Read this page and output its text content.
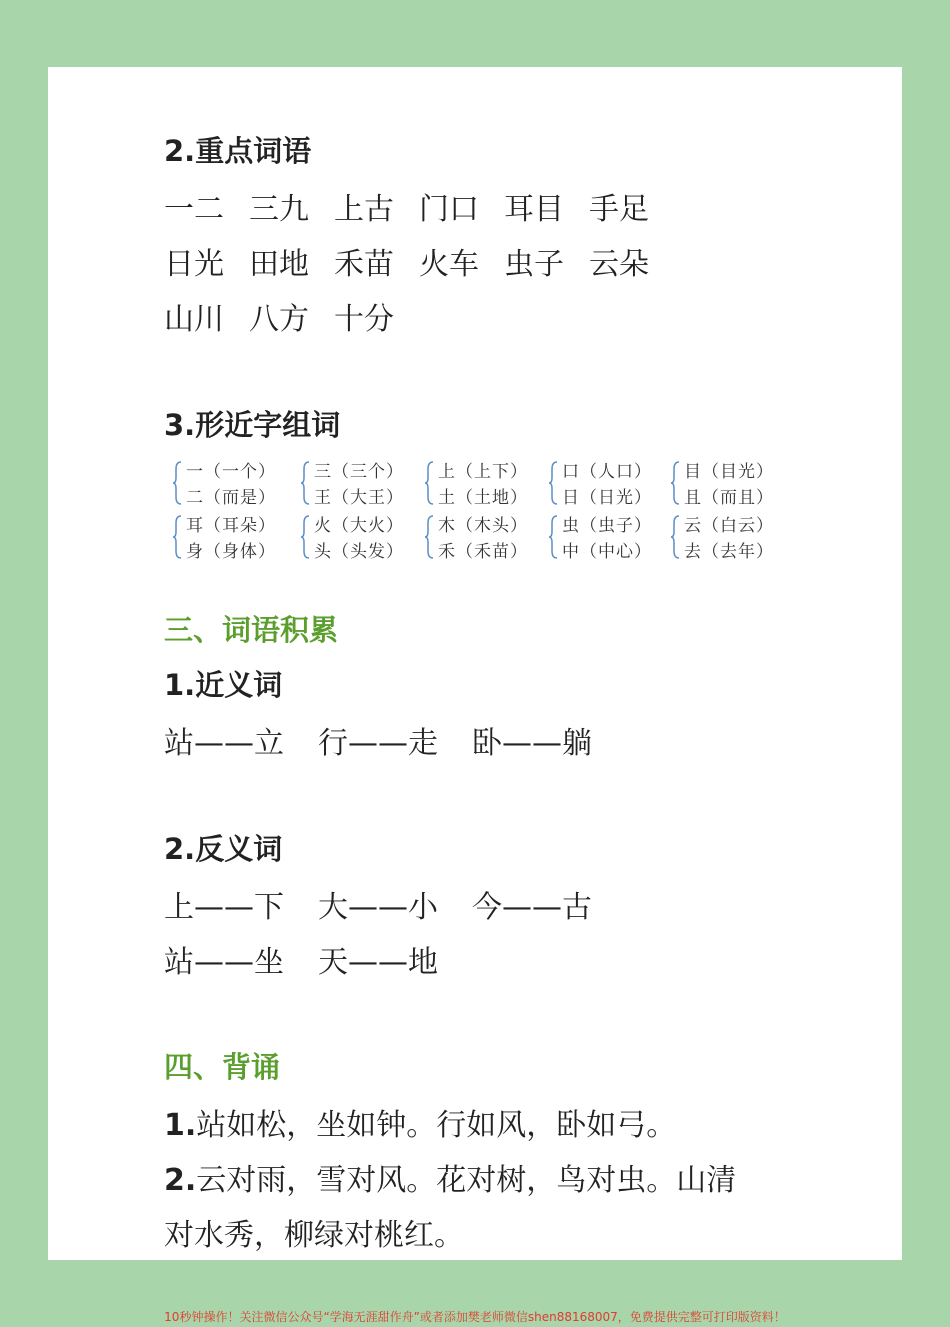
2.重点词语
一二 三九 上古 门口 耳目 手足
日光 田地 禾苗 火车 虫子 云朵
山川 八方 十分
3.形近字组词
一（一个）
二（而是）
三（三个）
王（大王）
上（上下）
土（土地）
口（人口）
日（日光）
目（目光）
且（而且）
耳（耳朵）
身（身体）
火（大火）
头（头发）
木（木头）
禾（禾苗）
虫（虫子）
中（中心）
云（白云）
去（去年）
三、词语积累
1.近义词
站——立 行——走 卧——躺
2.反义词
上——下 大——小 今——古
站——坐 天——地
四、背诵
1.站如松，坐如钟。行如风，卧如弓。
2.云对雨，雪对风。花对树，鸟对虫。山清
对水秀，柳绿对桃红。
10秒钟操作！关注微信公众号“学海无涯甜作舟”或者添加樊老师微信shen88168007，免费提供完整可打印版资料！
